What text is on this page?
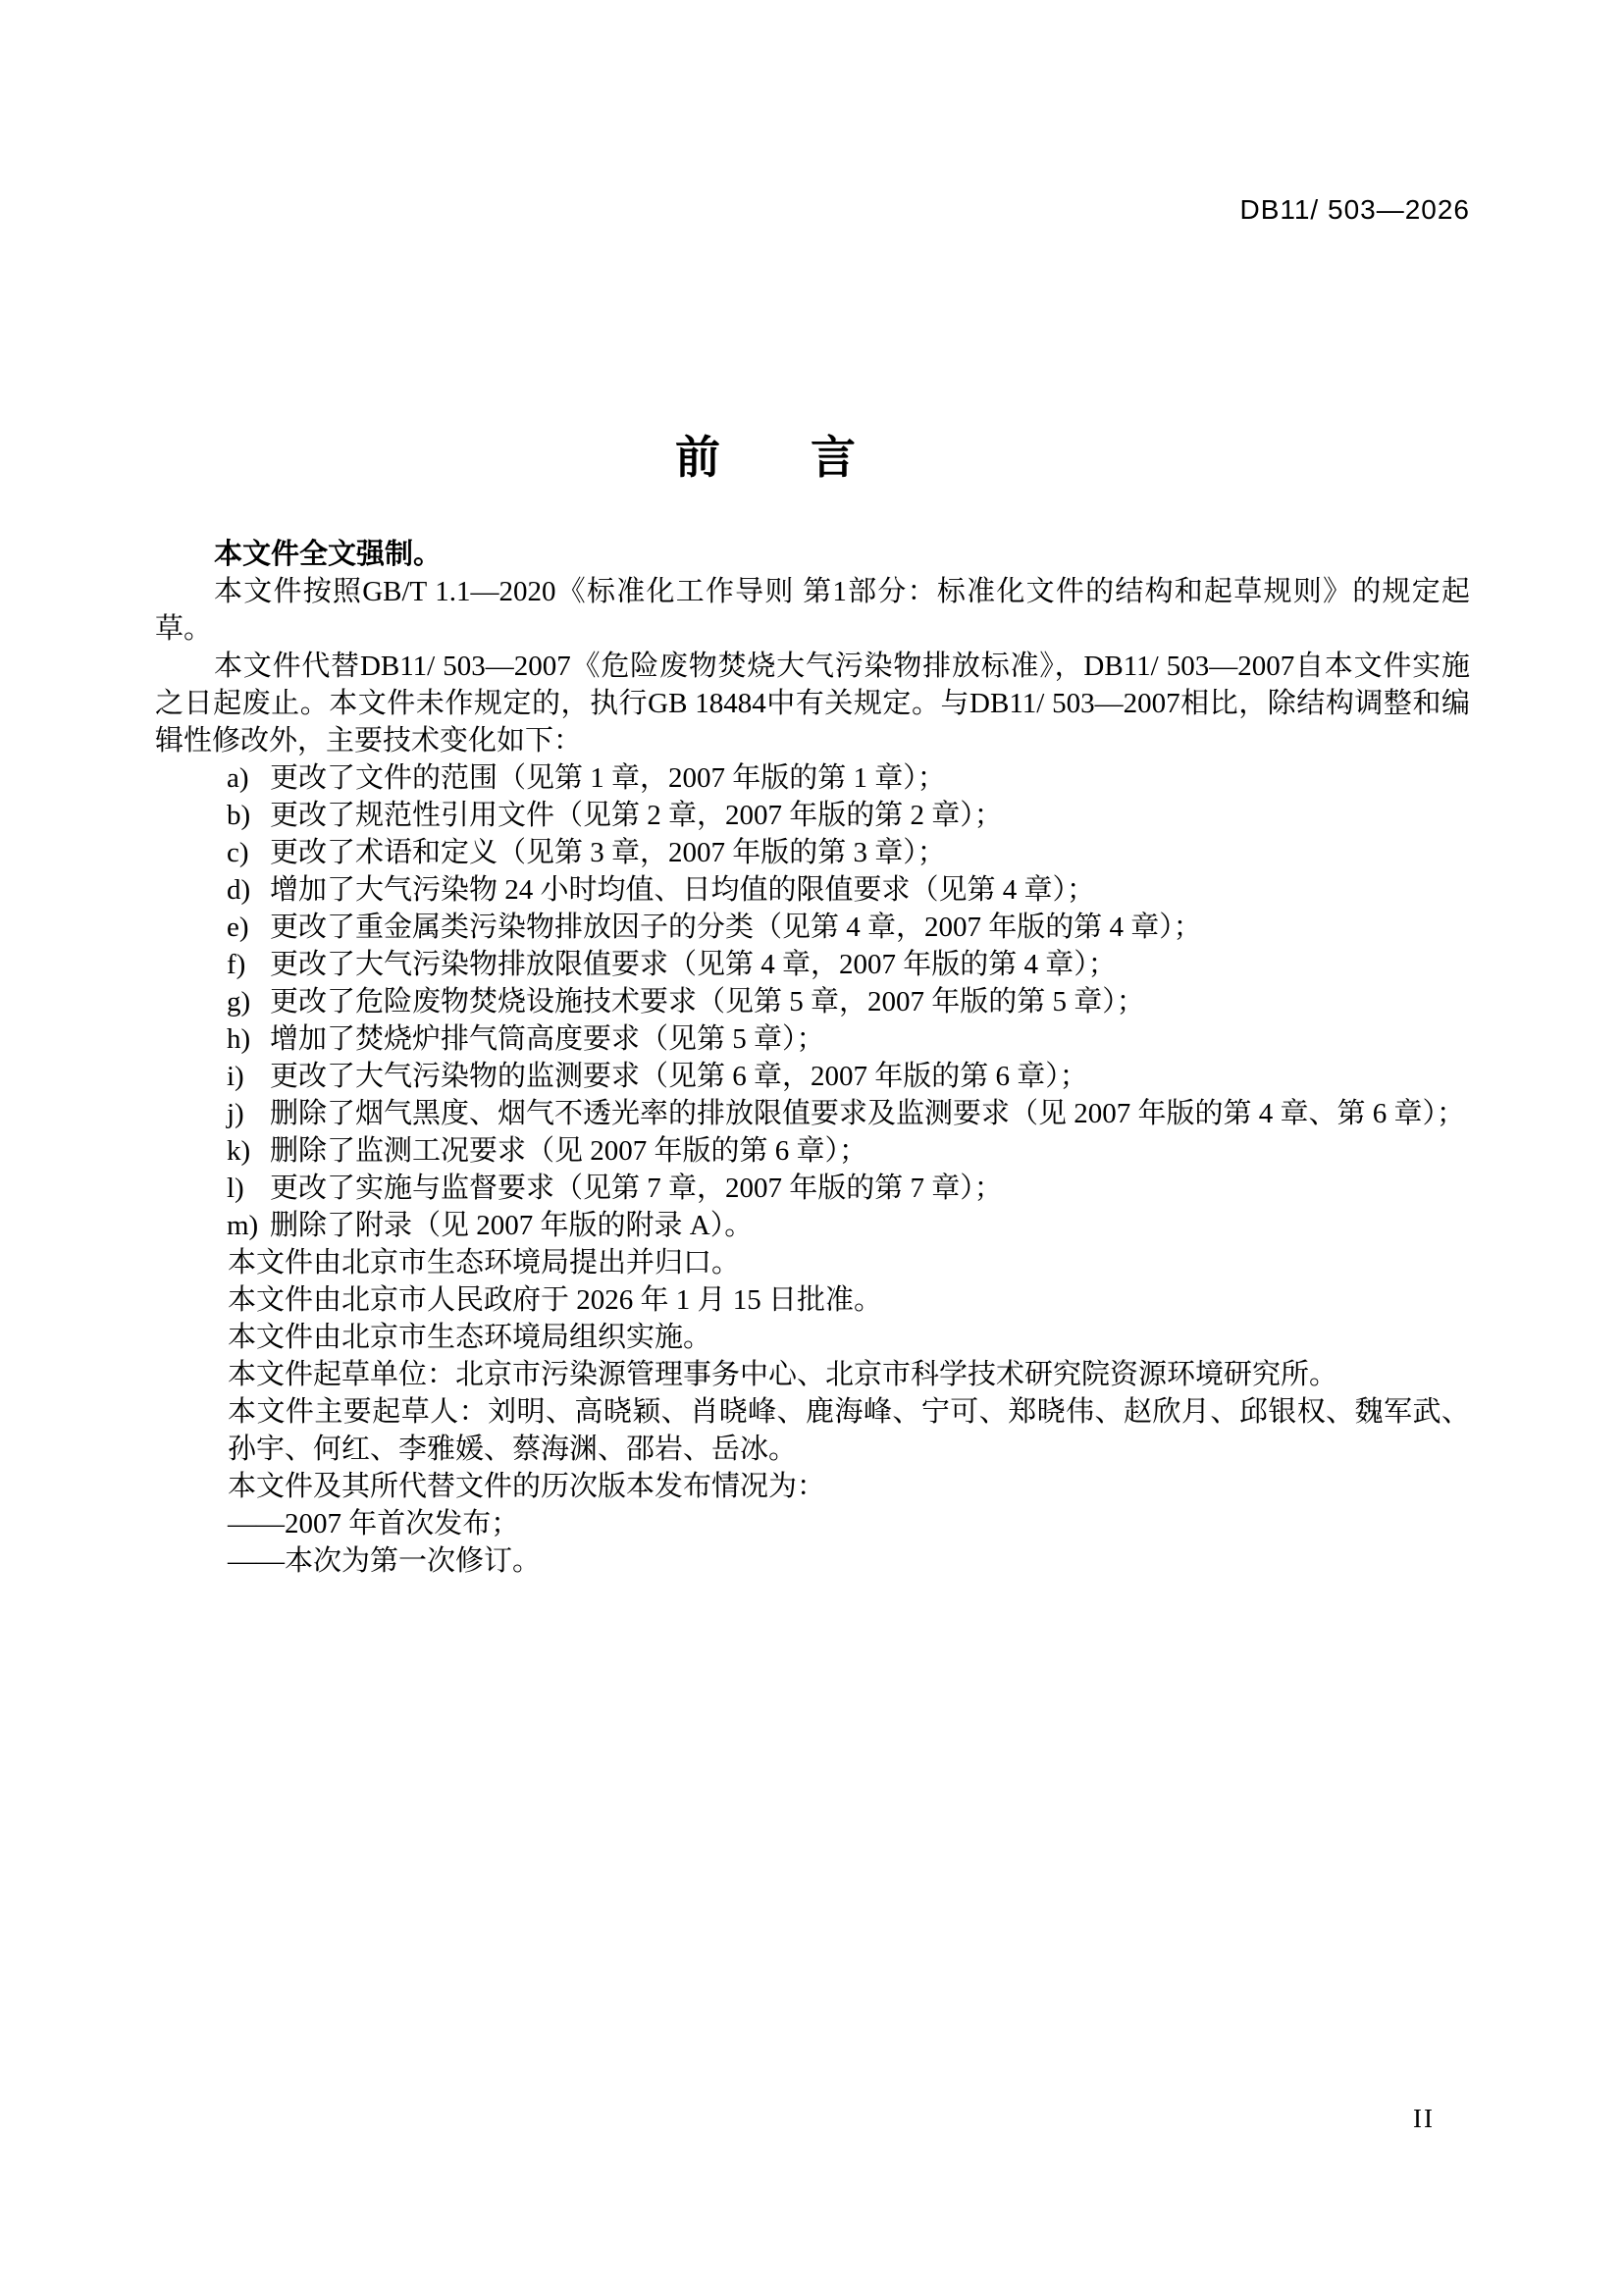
DB11/ 503—2026
前　　言

本文件全文强制。

本文件按照GB/T 1.1—2020《标准化工作导则 第1部分：标准化文件的结构和起草规则》的规定起草。

本文件代替DB11/ 503—2007《危险废物焚烧大气污染物排放标准》，DB11/ 503—2007自本文件实施之日起废止。本文件未作规定的，执行GB 18484中有关规定。与DB11/ 503—2007相比，除结构调整和编辑性修改外，主要技术变化如下：

a) 更改了文件的范围（见第 1 章，2007 年版的第 1 章）；
b) 更改了规范性引用文件（见第 2 章，2007 年版的第 2 章）；
c) 更改了术语和定义（见第 3 章，2007 年版的第 3 章）；
d) 增加了大气污染物 24 小时均值、日均值的限值要求（见第 4 章）；
e) 更改了重金属类污染物排放因子的分类（见第 4 章，2007 年版的第 4 章）；
f) 更改了大气污染物排放限值要求（见第 4 章，2007 年版的第 4 章）；
g) 更改了危险废物焚烧设施技术要求（见第 5 章，2007 年版的第 5 章）；
h) 增加了焚烧炉排气筒高度要求（见第 5 章）；
i) 更改了大气污染物的监测要求（见第 6 章，2007 年版的第 6 章）；
j) 删除了烟气黑度、烟气不透光率的排放限值要求及监测要求（见 2007 年版的第 4 章、第 6 章）；
k) 删除了监测工况要求（见 2007 年版的第 6 章）；
l) 更改了实施与监督要求（见第 7 章，2007 年版的第 7 章）；
m) 删除了附录（见 2007 年版的附录 A）。

本文件由北京市生态环境局提出并归口。

本文件由北京市人民政府于 2026 年 1 月 15 日批准。

本文件由北京市生态环境局组织实施。

本文件起草单位：北京市污染源管理事务中心、北京市科学技术研究院资源环境研究所。

本文件主要起草人：刘明、高晓颖、肖晓峰、鹿海峰、宁可、郑晓伟、赵欣月、邱银权、魏军武、孙宇、何红、李雅媛、蔡海渊、邵岩、岳冰。

本文件及其所代替文件的历次版本发布情况为：

——2007 年首次发布；

——本次为第一次修订。

II
